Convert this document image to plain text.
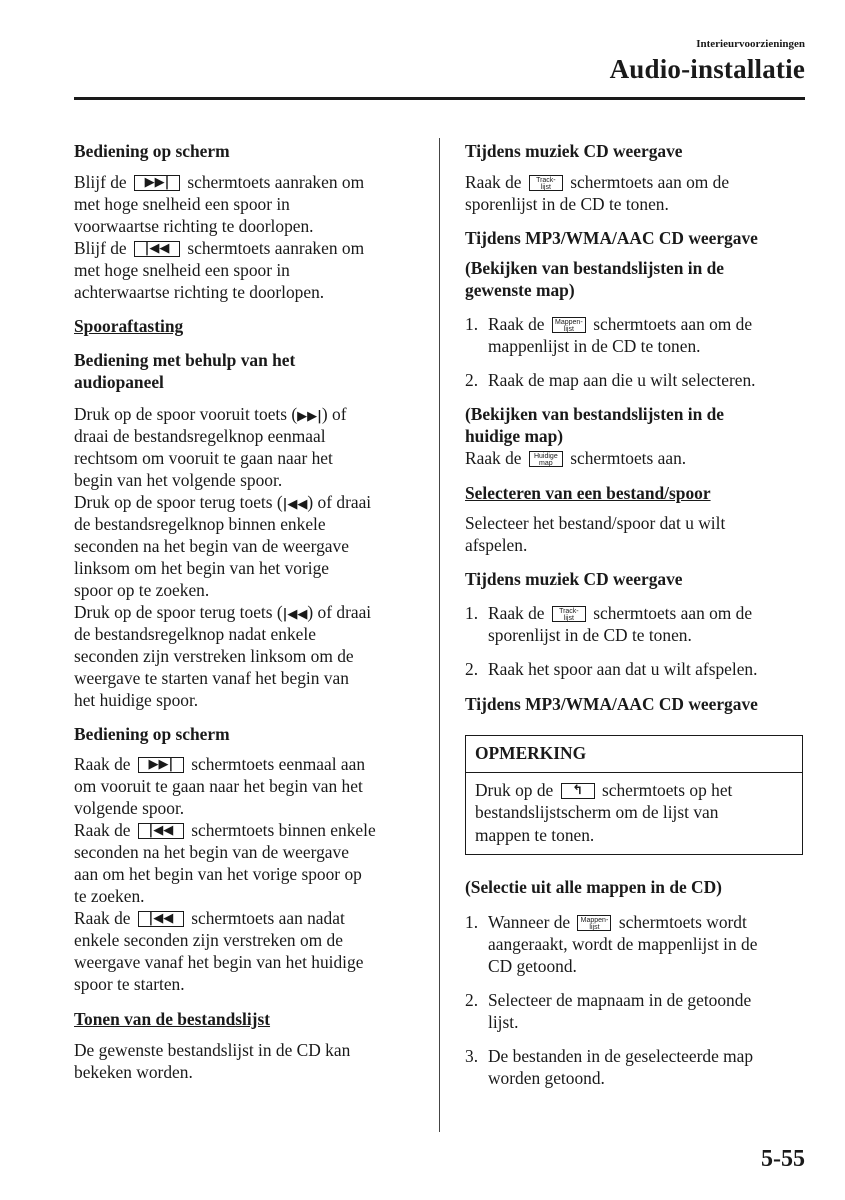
Interieurvoorzieningen
Audio-installatie
Bediening op scherm
Blijf de	▶▶|	schermtoets aanraken om
met hoge snelheid een spoor in
voorwaartse richting te doorlopen.
Blijf de	|◀◀	schermtoets aanraken om
met hoge snelheid een spoor in
achterwaartse richting te doorlopen.
Spooraftasting
Bediening met behulp van het
audiopaneel
Druk op de spoor vooruit toets (▶▶|) of
draai de bestandsregelknop eenmaal
rechtsom om vooruit te gaan naar het
begin van het volgende spoor.
Druk op de spoor terug toets (|◀◀) of draai
de bestandsregelknop binnen enkele
seconden na het begin van de weergave
linksom om het begin van het vorige
spoor op te zoeken.
Druk op de spoor terug toets (|◀◀) of draai
de bestandsregelknop nadat enkele
seconden zijn verstreken linksom om de
weergave te starten vanaf het begin van
het huidige spoor.
Bediening op scherm
Raak de	▶▶|	schermtoets eenmaal aan
om vooruit te gaan naar het begin van het
volgende spoor.
Raak de	|◀◀	schermtoets binnen enkele
seconden na het begin van de weergave
aan om het begin van het vorige spoor op
te zoeken.
Raak de	|◀◀	schermtoets aan nadat
enkele seconden zijn verstreken om de
weergave vanaf het begin van het huidige
spoor te starten.
Tonen van de bestandslijst
De gewenste bestandslijst in de CD kan
bekeken worden.
Tijdens muziek CD weergave
Raak de	Track-
lijst	schermtoets aan om de
sporenlijst in de CD te tonen.
Tijdens MP3/WMA/AAC CD weergave
(Bekijken van bestandslijsten in de
gewenste map)
1. Raak de	Mappen-
lijst	schermtoets aan om de
mappenlijst in de CD te tonen.
2. Raak de map aan die u wilt selecteren.
(Bekijken van bestandslijsten in de
huidige map)
Raak de	Huidige
map	schermtoets aan.
Selecteren van een bestand/spoor
Selecteer het bestand/spoor dat u wilt
afspelen.
Tijdens muziek CD weergave
1. Raak de	Track-
lijst	schermtoets aan om de
sporenlijst in de CD te tonen.
2. Raak het spoor aan dat u wilt afspelen.
Tijdens MP3/WMA/AAC CD weergave
OPMERKING
Druk op de	↰	schermtoets op het
bestandslijstscherm om de lijst van
mappen te tonen.
(Selectie uit alle mappen in de CD)
1. Wanneer de	Mappen-
lijst	schermtoets wordt
aangeraakt, wordt de mappenlijst in de
CD getoond.
2. Selecteer de mapnaam in de getoonde
lijst.
3. De bestanden in de geselecteerde map
worden getoond.
5-55
